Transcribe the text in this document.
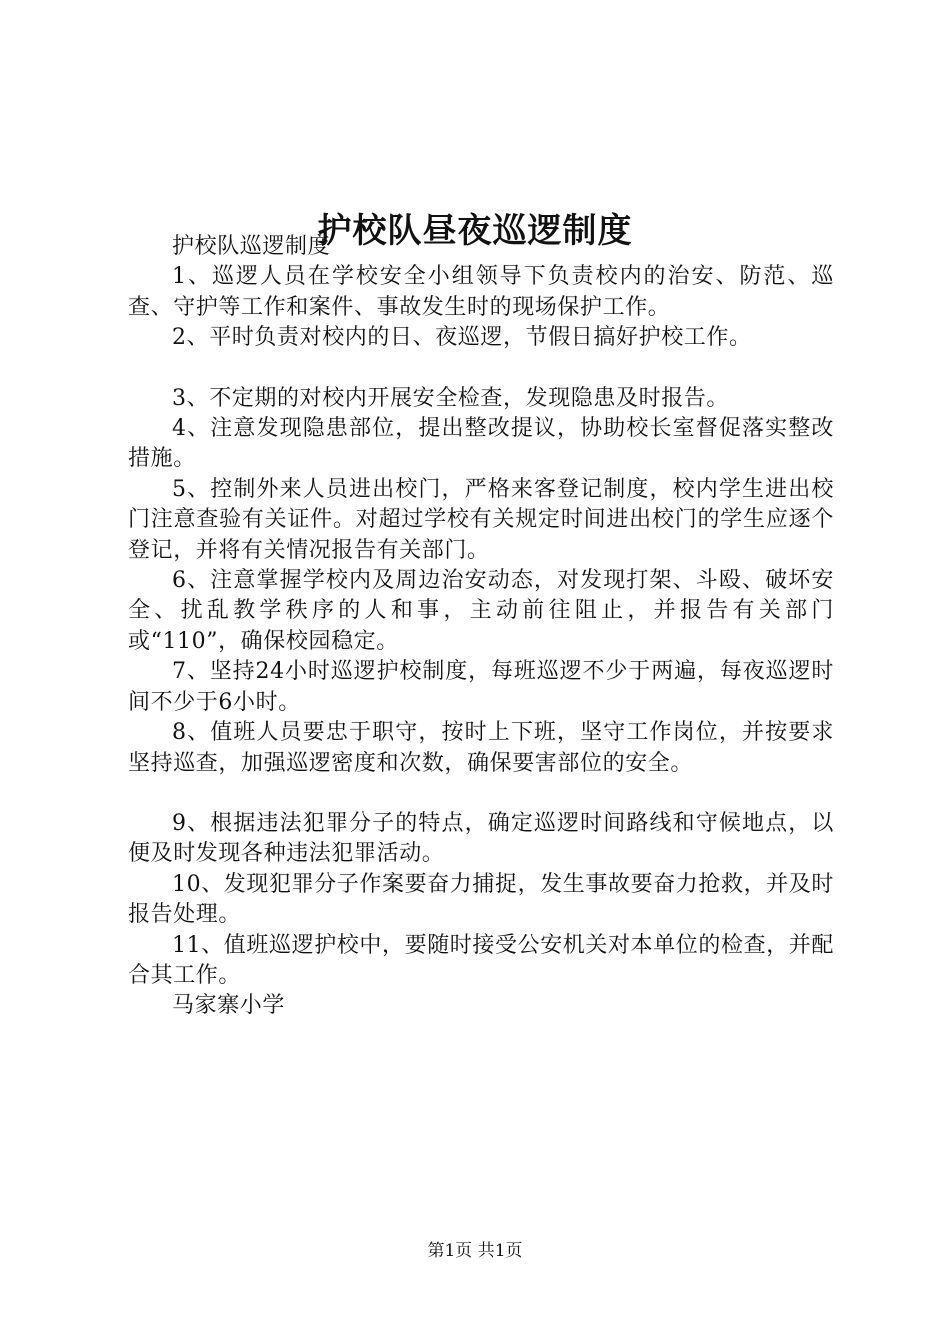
护校队昼夜巡逻制度

护校队巡逻制度

1、巡逻人员在学校安全小组领导下负责校内的治安、防范、巡查、守护等工作和案件、事故发生时的现场保护工作。

2、平时负责对校内的日、夜巡逻，节假日搞好护校工作。

3、不定期的对校内开展安全检查，发现隐患及时报告。

4、注意发现隐患部位，提出整改提议，协助校长室督促落实整改措施。

5、控制外来人员进出校门，严格来客登记制度，校内学生进出校门注意查验有关证件。对超过学校有关规定时间进出校门的学生应逐个登记，并将有关情况报告有关部门。

6、注意掌握学校内及周边治安动态，对发现打架、斗殴、破坏安全、扰乱教学秩序的人和事，主动前往阻止，并报告有关部门或“110”，确保校园稳定。

7、坚持24小时巡逻护校制度，每班巡逻不少于两遍，每夜巡逻时间不少于6小时。

8、值班人员要忠于职守，按时上下班，坚守工作岗位，并按要求坚持巡查，加强巡逻密度和次数，确保要害部位的安全。

9、根据违法犯罪分子的特点，确定巡逻时间路线和守候地点，以便及时发现各种违法犯罪活动。

10、发现犯罪分子作案要奋力捕捉，发生事故要奋力抢救，并及时报告处理。

11、值班巡逻护校中，要随时接受公安机关对本单位的检查，并配合其工作。

马家寨小学

第1页 共1页
